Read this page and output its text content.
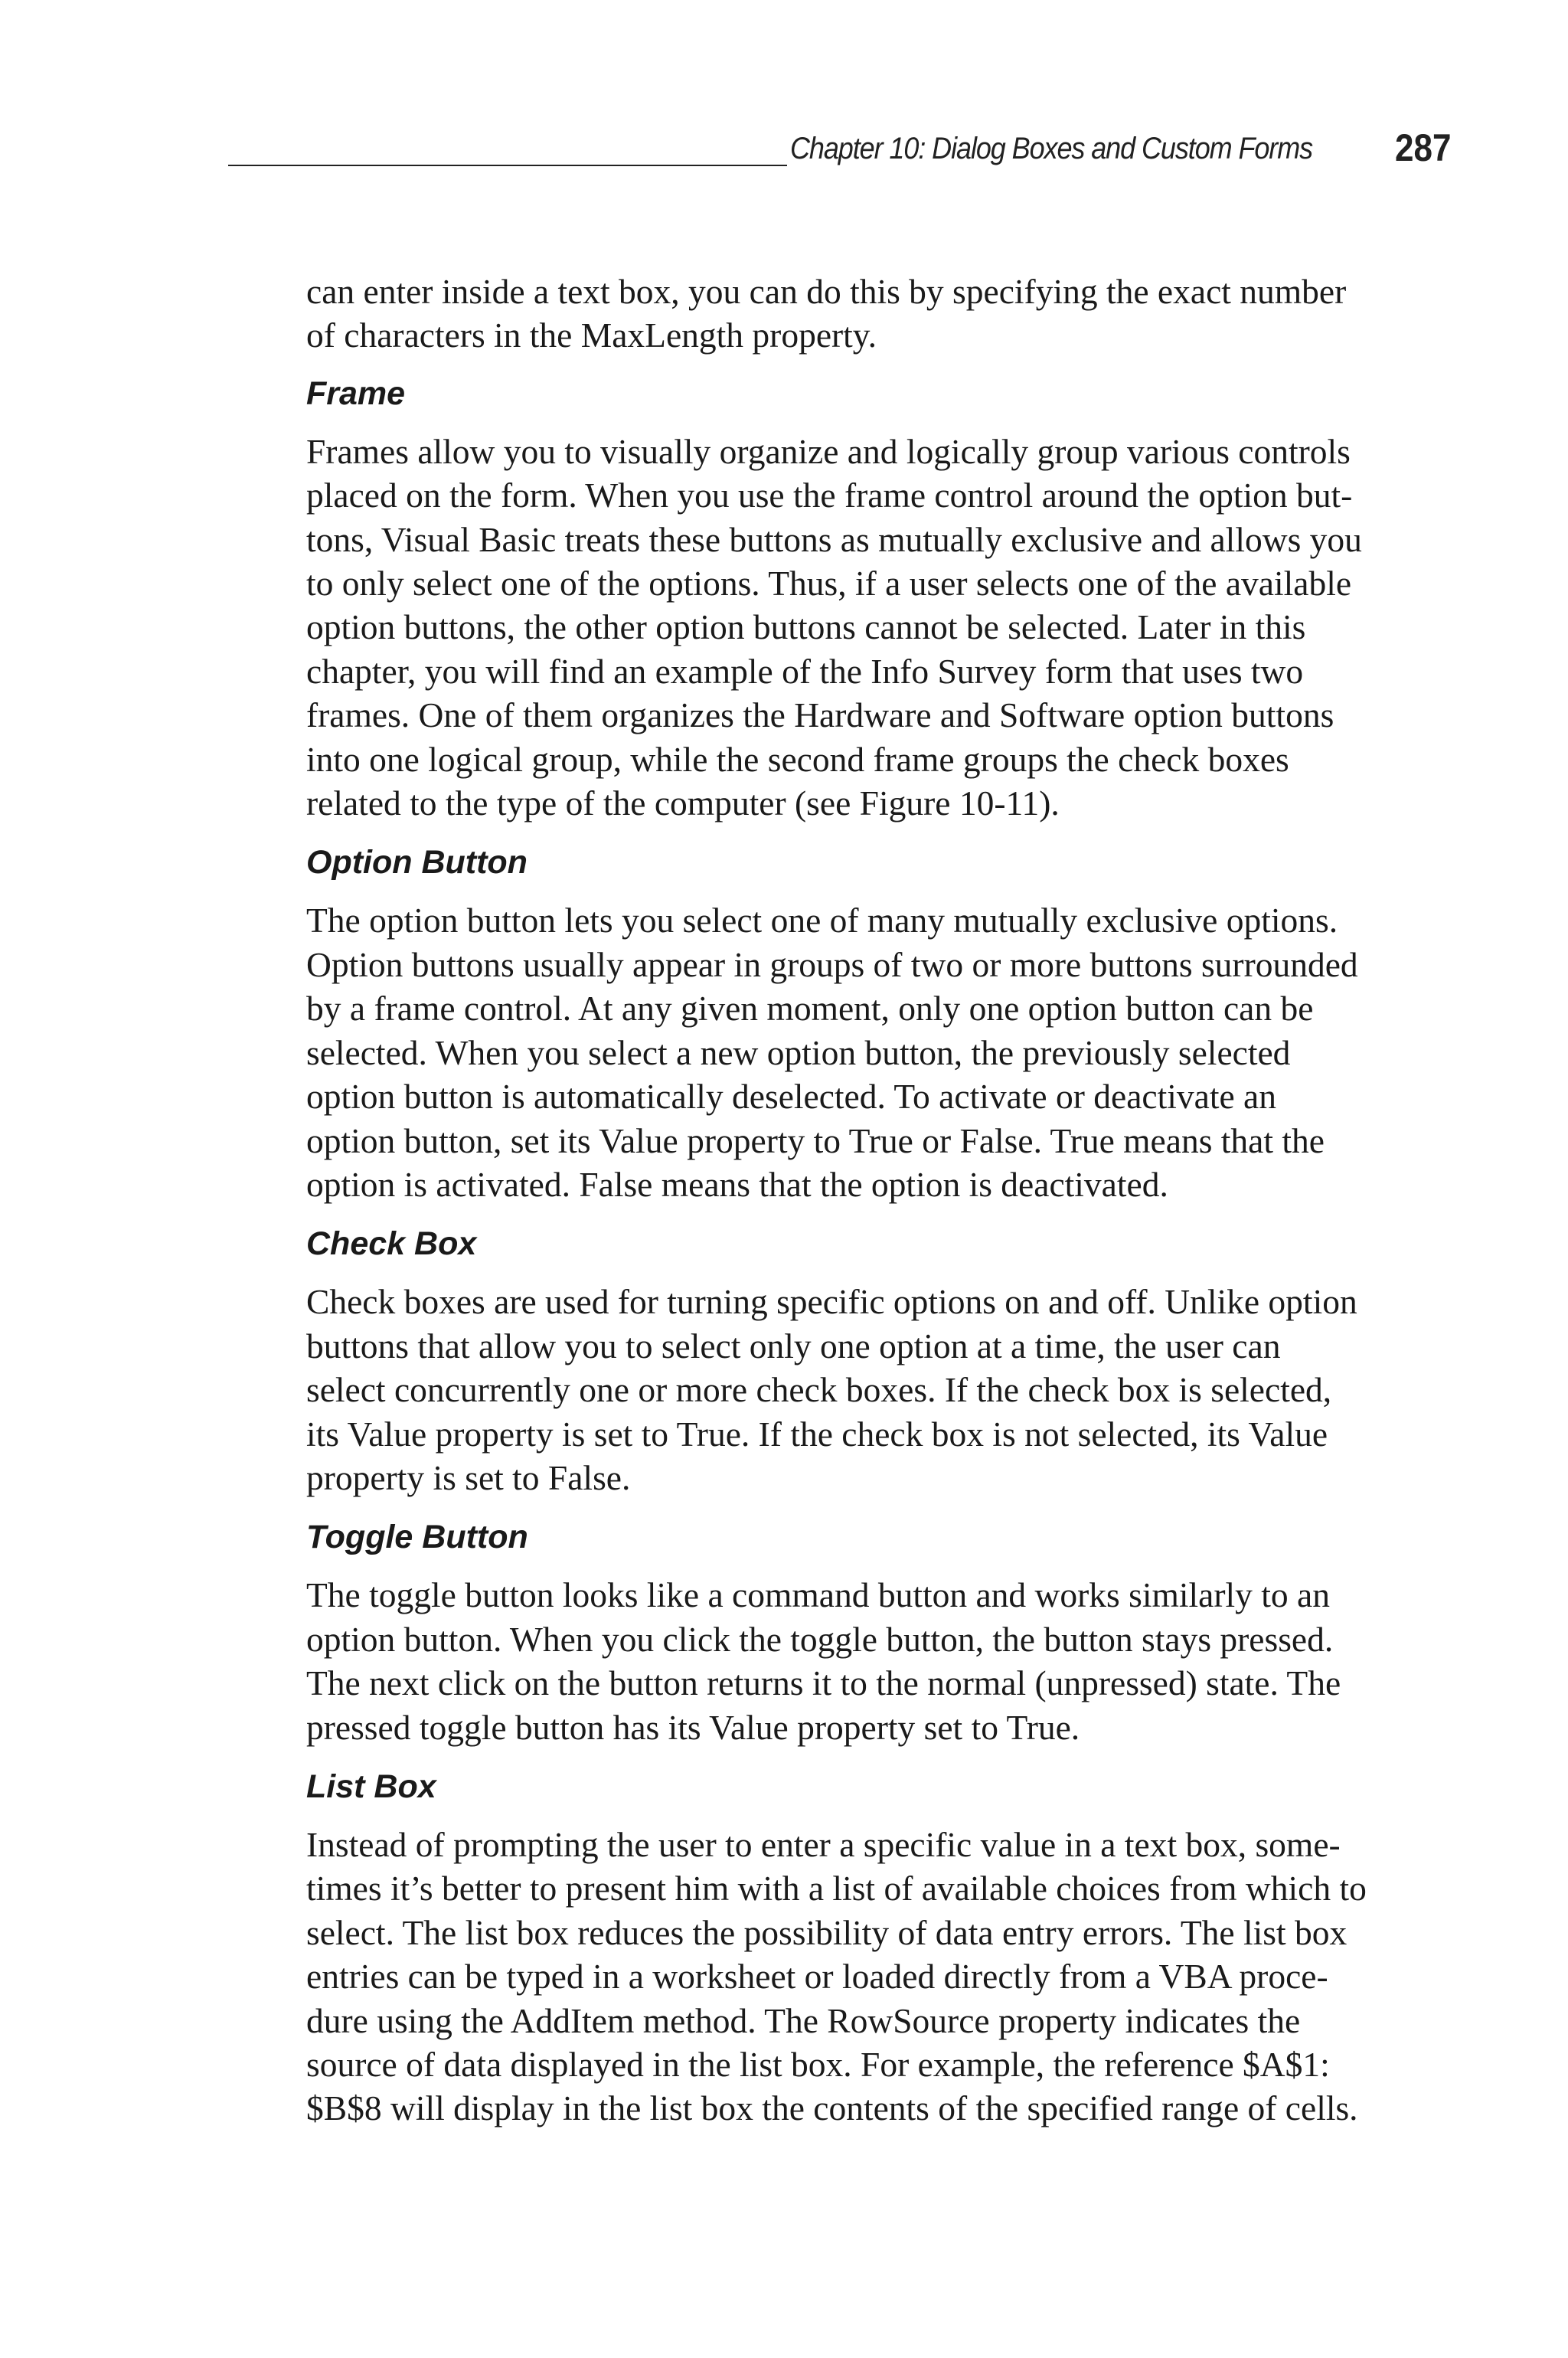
Chapter 10: Dialog Boxes and Custom Forms 287

can enter inside a text box, you can do this by specifying the exact number
of characters in the MaxLength property.

Frame

Frames allow you to visually organize and logically group various controls
placed on the form. When you use the frame control around the option but-
tons, Visual Basic treats these buttons as mutually exclusive and allows you
to only select one of the options. Thus, if a user selects one of the available
option buttons, the other option buttons cannot be selected. Later in this
chapter, you will find an example of the Info Survey form that uses two
frames. One of them organizes the Hardware and Software option buttons
into one logical group, while the second frame groups the check boxes
related to the type of the computer (see Figure 10-11).

Option Button

The option button lets you select one of many mutually exclusive options.
Option buttons usually appear in groups of two or more buttons surrounded
by a frame control. At any given moment, only one option button can be
selected. When you select a new option button, the previously selected
option button is automatically deselected. To activate or deactivate an
option button, set its Value property to True or False. True means that the
option is activated. False means that the option is deactivated.

Check Box

Check boxes are used for turning specific options on and off. Unlike option
buttons that allow you to select only one option at a time, the user can
select concurrently one or more check boxes. If the check box is selected,
its Value property is set to True. If the check box is not selected, its Value
property is set to False.

Toggle Button

The toggle button looks like a command button and works similarly to an
option button. When you click the toggle button, the button stays pressed.
The next click on the button returns it to the normal (unpressed) state. The
pressed toggle button has its Value property set to True.

List Box

Instead of prompting the user to enter a specific value in a text box, some-
times it’s better to present him with a list of available choices from which to
select. The list box reduces the possibility of data entry errors. The list box
entries can be typed in a worksheet or loaded directly from a VBA proce-
dure using the AddItem method. The RowSource property indicates the
source of data displayed in the list box. For example, the reference $A$1:
$B$8 will display in the list box the contents of the specified range of cells.
